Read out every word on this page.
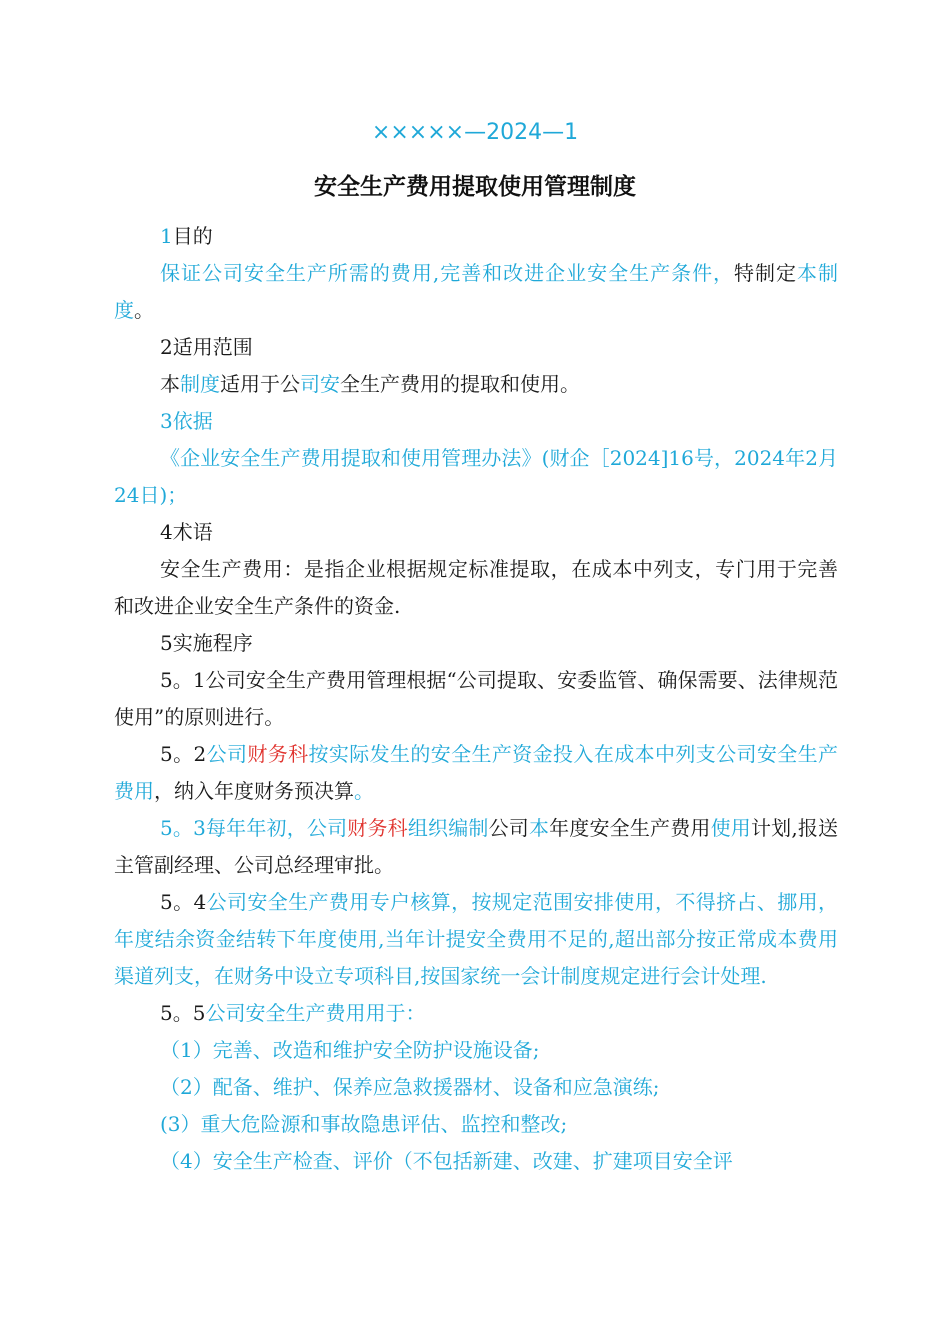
×××××—2024—1
安全生产费用提取使用管理制度

1目的

保证公司安全生产所需的费用,完善和改进企业安全生产条件，特制定本制度。

2适用范围

本制度适用于公司安全生产费用的提取和使用。

3依据

《企业安全生产费用提取和使用管理办法》(财企［2024]16号，2024年2月24日)；

4术语

安全生产费用：是指企业根据规定标准提取，在成本中列支，专门用于完善和改进企业安全生产条件的资金.

5实施程序

5。1公司安全生产费用管理根据“公司提取、安委监管、确保需要、法律规范使用”的原则进行。

5。2公司财务科按实际发生的安全生产资金投入在成本中列支公司安全生产费用，纳入年度财务预决算。

5。3每年年初，公司财务科组织编制公司本年度安全生产费用使用计划,报送主管副经理、公司总经理审批。

5。4公司安全生产费用专户核算，按规定范围安排使用，不得挤占、挪用，年度结余资金结转下年度使用,当年计提安全费用不足的,超出部分按正常成本费用渠道列支，在财务中设立专项科目,按国家统一会计制度规定进行会计处理.

5。5公司安全生产费用用于：

（1）完善、改造和维护安全防护设施设备;

（2）配备、维护、保养应急救援器材、设备和应急演练;

(3）重大危险源和事故隐患评估、监控和整改;

（4）安全生产检查、评价（不包括新建、改建、扩建项目安全评
